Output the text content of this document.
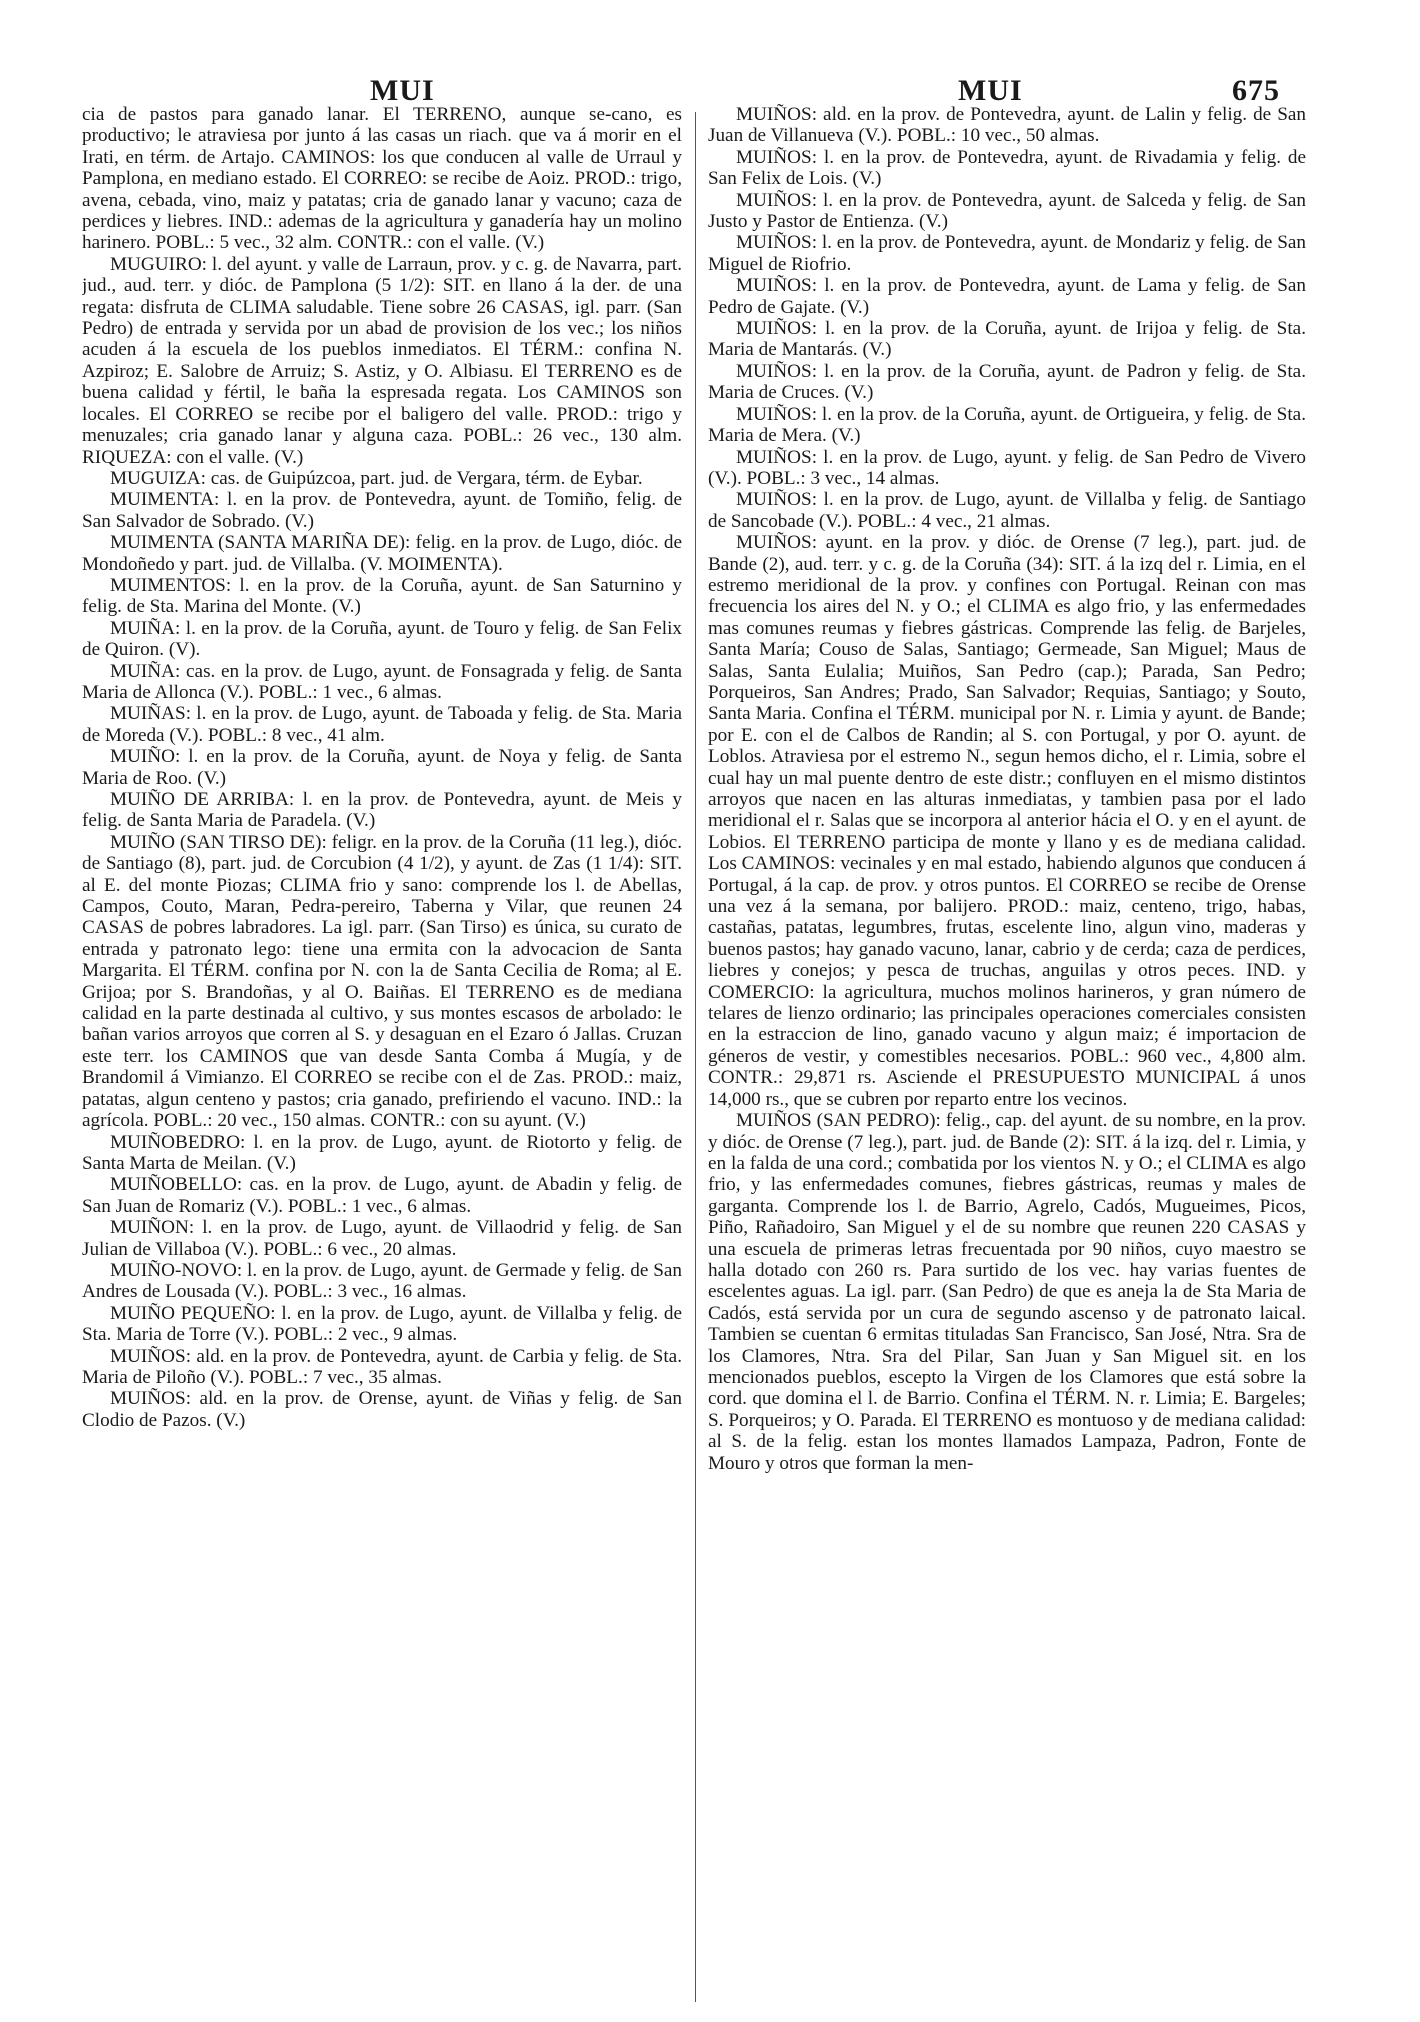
MUI	MUI	675

cia de pastos para ganado lanar. El TERRENO, aunque se-cano, es productivo; le atraviesa por junto á las casas un riach. que va á morir en el Irati, en térm. de Artajo. CAMINOS: los que conducen al valle de Urraul y Pamplona, en mediano estado. El CORREO: se recibe de Aoiz. PROD.: trigo, avena, cebada, vino, maiz y patatas; cria de ganado lanar y vacuno; caza de perdices y liebres. IND.: ademas de la agricultura y ganadería hay un molino harinero. POBL.: 5 vec., 32 alm. CONTR.: con el valle. (V.)

MUGUIRO: l. del ayunt. y valle de Larraun, prov. y c. g. de Navarra, part. jud., aud. terr. y dióc. de Pamplona (5 1/2): SIT. en llano á la der. de una regata: disfruta de CLIMA saludable. Tiene sobre 26 CASAS, igl. parr. (San Pedro) de entrada y servida por un abad de provision de los vec.; los niños acuden á la escuela de los pueblos inmediatos. El TÉRM.: confina N. Azpiroz; E. Salobre de Arruiz; S. Astiz, y O. Albiasu. El TERRENO es de buena calidad y fértil, le baña la espresada regata. Los CAMINOS son locales. El CORREO se recibe por el baligero del valle. PROD.: trigo y menuzales; cria ganado lanar y alguna caza. POBL.: 26 vec., 130 alm. RIQUEZA: con el valle. (V.)

MUGUIZA: cas. de Guipúzcoa, part. jud. de Vergara, térm. de Eybar.

MUIMENTA: l. en la prov. de Pontevedra, ayunt. de Tomiño, felig. de San Salvador de Sobrado. (V.)

MUIMENTA (SANTA MARIÑA DE): felig. en la prov. de Lugo, dióc. de Mondoñedo y part. jud. de Villalba. (V. MOIMENTA).

MUIMENTOS: l. en la prov. de la Coruña, ayunt. de San Saturnino y felig. de Sta. Marina del Monte. (V.)

MUIÑA: l. en la prov. de la Coruña, ayunt. de Touro y felig. de San Felix de Quiron. (V).

MUIÑA: cas. en la prov. de Lugo, ayunt. de Fonsagrada y felig. de Santa Maria de Allonca (V.). POBL.: 1 vec., 6 almas.

MUIÑAS: l. en la prov. de Lugo, ayunt. de Taboada y felig. de Sta. Maria de Moreda (V.). POBL.: 8 vec., 41 alm.

MUIÑO: l. en la prov. de la Coruña, ayunt. de Noya y felig. de Santa Maria de Roo. (V.)

MUIÑO DE ARRIBA: l. en la prov. de Pontevedra, ayunt. de Meis y felig. de Santa Maria de Paradela. (V.)

MUIÑO (SAN TIRSO DE): feligr. en la prov. de la Coruña (11 leg.), dióc. de Santiago (8), part. jud. de Corcubion (4 1/2), y ayunt. de Zas (1 1/4): SIT. al E. del monte Piozas; CLIMA frio y sano: comprende los l. de Abellas, Campos, Couto, Maran, Pedra-pereiro, Taberna y Vilar, que reunen 24 CASAS de pobres labradores. La igl. parr. (San Tirso) es única, su curato de entrada y patronato lego: tiene una ermita con la advocacion de Santa Margarita. El TÉRM. confina por N. con la de Santa Cecilia de Roma; al E. Grijoa; por S. Brandoñas, y al O. Baiñas. El TERRENO es de mediana calidad en la parte destinada al cultivo, y sus montes escasos de arbolado: le bañan varios arroyos que corren al S. y desaguan en el Ezaro ó Jallas. Cruzan este terr. los CAMINOS que van desde Santa Comba á Mugía, y de Brandomil á Vimianzo. El CORREO se recibe con el de Zas. PROD.: maiz, patatas, algun centeno y pastos; cria ganado, prefiriendo el vacuno. IND.: la agrícola. POBL.: 20 vec., 150 almas. CONTR.: con su ayunt. (V.)

MUIÑOBEDRO: l. en la prov. de Lugo, ayunt. de Riotorto y felig. de Santa Marta de Meilan. (V.)

MUIÑOBELLO: cas. en la prov. de Lugo, ayunt. de Abadin y felig. de San Juan de Romariz (V.). POBL.: 1 vec., 6 almas.

MUIÑON: l. en la prov. de Lugo, ayunt. de Villaodrid y felig. de San Julian de Villaboa (V.). POBL.: 6 vec., 20 almas.

MUIÑO-NOVO: l. en la prov. de Lugo, ayunt. de Germade y felig. de San Andres de Lousada (V.). POBL.: 3 vec., 16 almas.

MUIÑO PEQUEÑO: l. en la prov. de Lugo, ayunt. de Villalba y felig. de Sta. Maria de Torre (V.). POBL.: 2 vec., 9 almas.

MUIÑOS: ald. en la prov. de Pontevedra, ayunt. de Carbia y felig. de Sta. Maria de Piloño (V.). POBL.: 7 vec., 35 almas.

MUIÑOS: ald. en la prov. de Orense, ayunt. de Viñas y felig. de San Clodio de Pazos. (V.)

MUIÑOS: ald. en la prov. de Pontevedra, ayunt. de Lalin y felig. de San Juan de Villanueva (V.). POBL.: 10 vec., 50 almas.

MUIÑOS: l. en la prov. de Pontevedra, ayunt. de Rivadamia y felig. de San Felix de Lois. (V.)

MUIÑOS: l. en la prov. de Pontevedra, ayunt. de Salceda y felig. de San Justo y Pastor de Entienza. (V.)

MUIÑOS: l. en la prov. de Pontevedra, ayunt. de Mondariz y felig. de San Miguel de Riofrio.

MUIÑOS: l. en la prov. de Pontevedra, ayunt. de Lama y felig. de San Pedro de Gajate. (V.)

MUIÑOS: l. en la prov. de la Coruña, ayunt. de Irijoa y felig. de Sta. Maria de Mantarás. (V.)

MUIÑOS: l. en la prov. de la Coruña, ayunt. de Padron y felig. de Sta. Maria de Cruces. (V.)

MUIÑOS: l. en la prov. de la Coruña, ayunt. de Ortigueira, y felig. de Sta. Maria de Mera. (V.)

MUIÑOS: l. en la prov. de Lugo, ayunt. y felig. de San Pedro de Vivero (V.). POBL.: 3 vec., 14 almas.

MUIÑOS: l. en la prov. de Lugo, ayunt. de Villalba y felig. de Santiago de Sancobade (V.). POBL.: 4 vec., 21 almas.

MUIÑOS: ayunt. en la prov. y dióc. de Orense (7 leg.), part. jud. de Bande (2), aud. terr. y c. g. de la Coruña (34): SIT. á la izq del r. Limia, en el estremo meridional de la prov. y confines con Portugal. Reinan con mas frecuencia los aires del N. y O.; el CLIMA es algo frio, y las enfermedades mas comunes reumas y fiebres gástricas. Comprende las felig. de Barjeles, Santa María; Couso de Salas, Santiago; Germeade, San Miguel; Maus de Salas, Santa Eulalia; Muiños, San Pedro (cap.); Parada, San Pedro; Porqueiros, San Andres; Prado, San Salvador; Requias, Santiago; y Souto, Santa Maria. Confina el TÉRM. municipal por N. r. Limia y ayunt. de Bande; por E. con el de Calbos de Randin; al S. con Portugal, y por O. ayunt. de Loblos. Atraviesa por el estremo N., segun hemos dicho, el r. Limia, sobre el cual hay un mal puente dentro de este distr.; confluyen en el mismo distintos arroyos que nacen en las alturas inmediatas, y tambien pasa por el lado meridional el r. Salas que se incorpora al anterior hácia el O. y en el ayunt. de Lobios. El TERRENO participa de monte y llano y es de mediana calidad. Los CAMINOS: vecinales y en mal estado, habiendo algunos que conducen á Portugal, á la cap. de prov. y otros puntos. El CORREO se recibe de Orense una vez á la semana, por balijero. PROD.: maiz, centeno, trigo, habas, castañas, patatas, legumbres, frutas, escelente lino, algun vino, maderas y buenos pastos; hay ganado vacuno, lanar, cabrio y de cerda; caza de perdices, liebres y conejos; y pesca de truchas, anguilas y otros peces. IND. y COMERCIO: la agricultura, muchos molinos harineros, y gran número de telares de lienzo ordinario; las principales operaciones comerciales consisten en la estraccion de lino, ganado vacuno y algun maiz; é importacion de géneros de vestir, y comestibles necesarios. POBL.: 960 vec., 4,800 alm. CONTR.: 29,871 rs. Asciende el PRESUPUESTO MUNICIPAL á unos 14,000 rs., que se cubren por reparto entre los vecinos.

MUIÑOS (SAN PEDRO): felig., cap. del ayunt. de su nombre, en la prov. y dióc. de Orense (7 leg.), part. jud. de Bande (2): SIT. á la izq. del r. Limia, y en la falda de una cord.; combatida por los vientos N. y O.; el CLIMA es algo frio, y las enfermedades comunes, fiebres gástricas, reumas y males de garganta. Comprende los l. de Barrio, Agrelo, Cadós, Mugueimes, Picos, Piño, Rañadoiro, San Miguel y el de su nombre que reunen 220 CASAS y una escuela de primeras letras frecuentada por 90 niños, cuyo maestro se halla dotado con 260 rs. Para surtido de los vec. hay varias fuentes de escelentes aguas. La igl. parr. (San Pedro) de que es aneja la de Sta Maria de Cadós, está servida por un cura de segundo ascenso y de patronato laical. Tambien se cuentan 6 ermitas tituladas San Francisco, San José, Ntra. Sra de los Clamores, Ntra. Sra del Pilar, San Juan y San Miguel sit. en los mencionados pueblos, escepto la Virgen de los Clamores que está sobre la cord. que domina el l. de Barrio. Confina el TÉRM. N. r. Limia; E. Bargeles; S. Porqueiros; y O. Parada. El TERRENO es montuoso y de mediana calidad: al S. de la felig. estan los montes llamados Lampaza, Padron, Fonte de Mouro y otros que forman la men-
